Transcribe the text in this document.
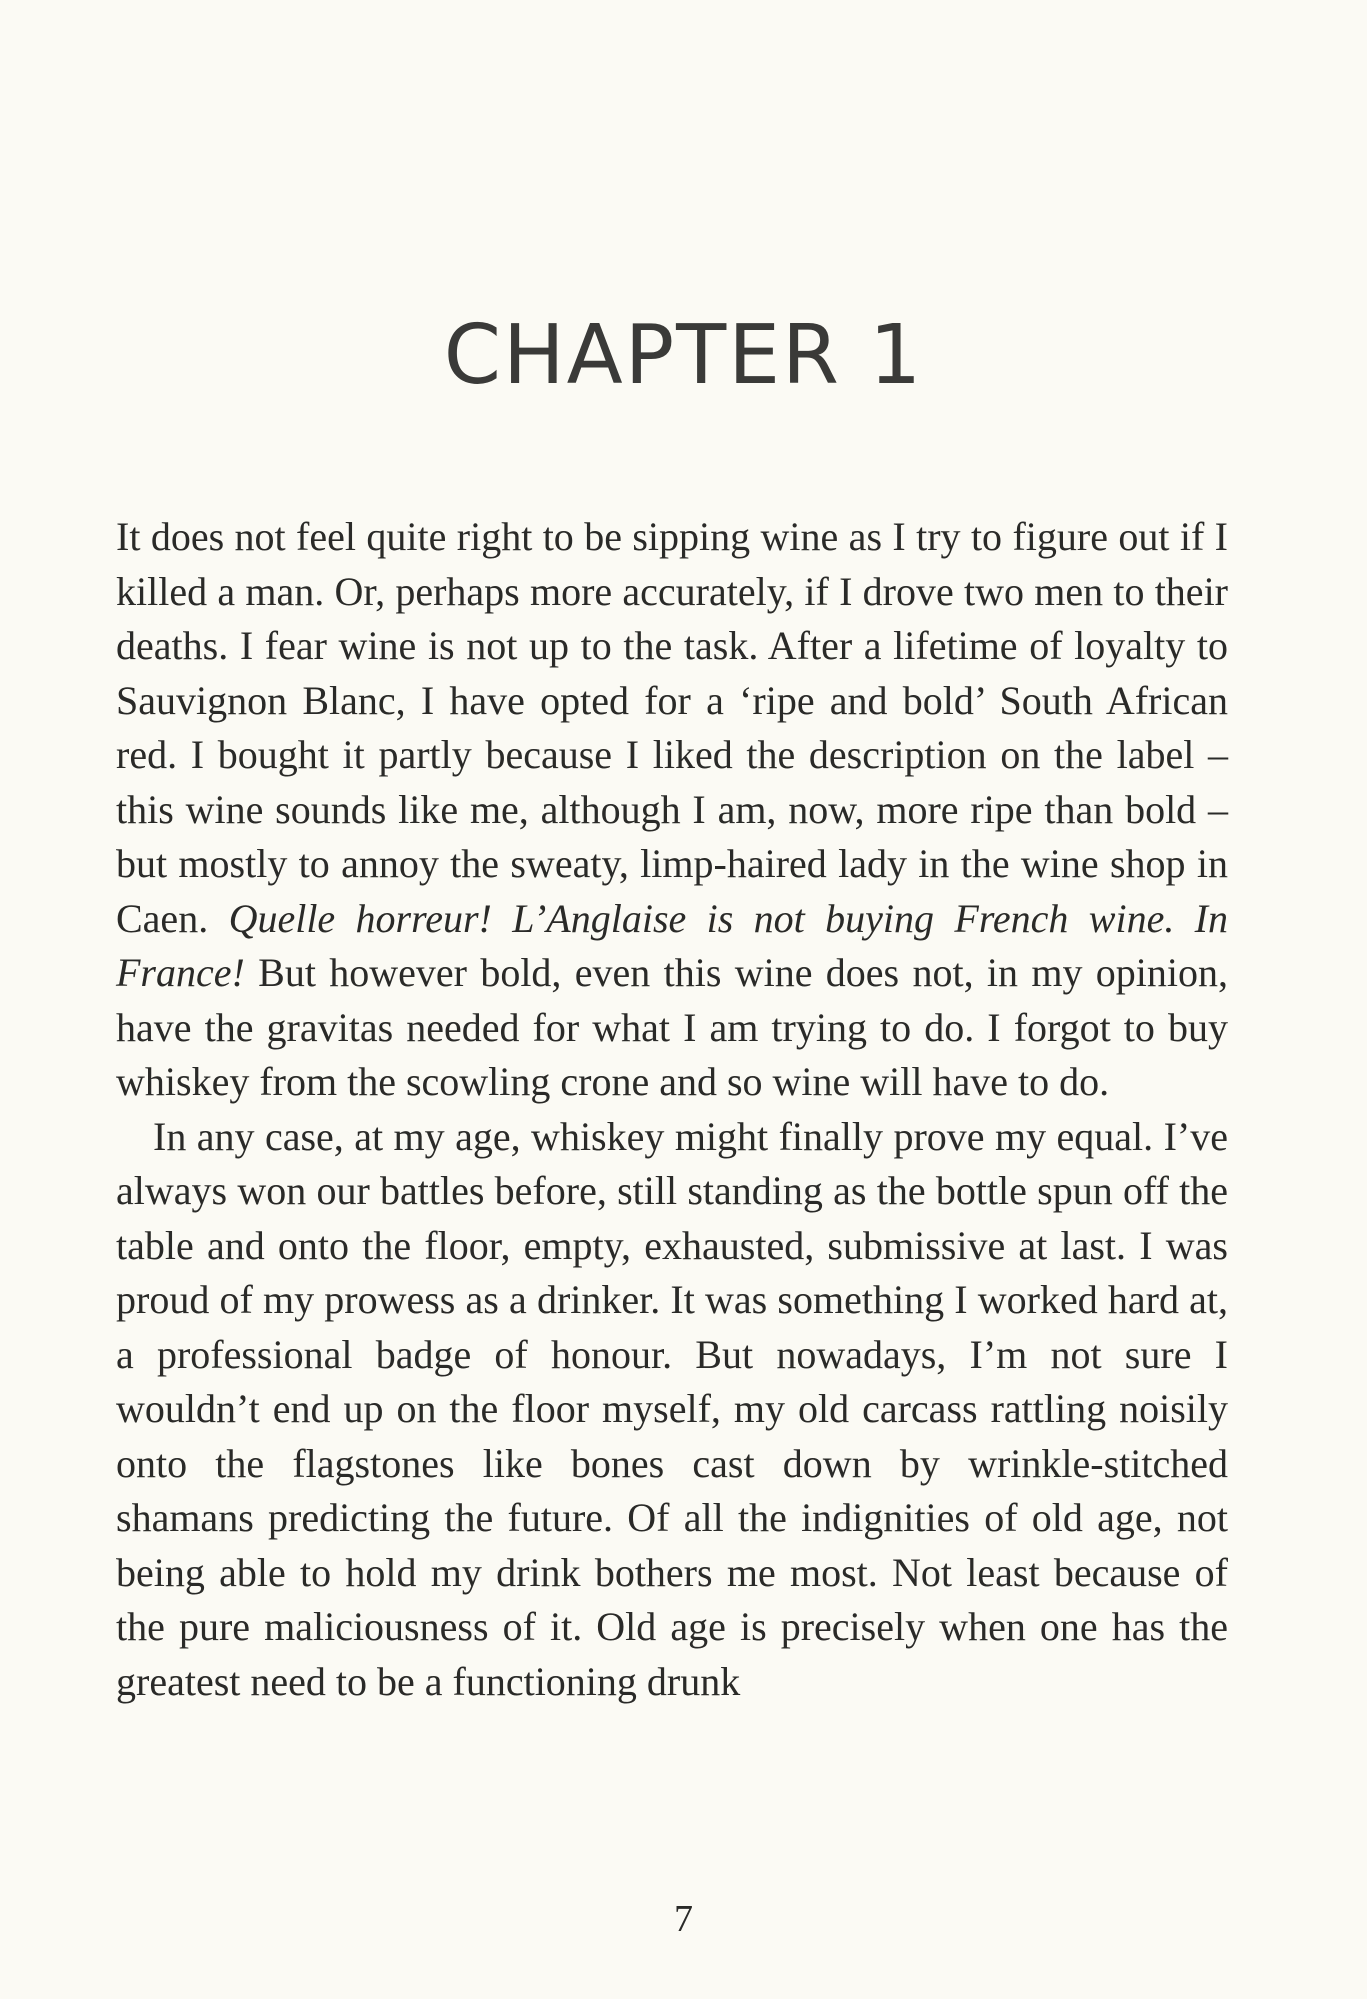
CHAPTER 1

It does not feel quite right to be sipping wine as I try to figure out if I killed a man. Or, perhaps more accurately, if I drove two men to their deaths. I fear wine is not up to the task. After a lifetime of loyalty to Sauvignon Blanc, I have opted for a ‘ripe and bold’ South African red. I bought it partly because I liked the description on the label – this wine sounds like me, although I am, now, more ripe than bold – but mostly to annoy the sweaty, limp-haired lady in the wine shop in Caen. Quelle horreur! L’Anglaise is not buying French wine. In France! But however bold, even this wine does not, in my opinion, have the gravitas needed for what I am trying to do. I forgot to buy whiskey from the scowling crone and so wine will have to do.

In any case, at my age, whiskey might finally prove my equal. I’ve always won our battles before, still standing as the bottle spun off the table and onto the floor, empty, exhausted, submissive at last. I was proud of my prowess as a drinker. It was something I worked hard at, a professional badge of honour. But nowadays, I’m not sure I wouldn’t end up on the floor myself, my old carcass rattling noisily onto the flagstones like bones cast down by wrinkle-stitched shamans predicting the future. Of all the indignities of old age, not being able to hold my drink bothers me most. Not least because of the pure maliciousness of it. Old age is precisely when one has the greatest need to be a functioning drunk

7
